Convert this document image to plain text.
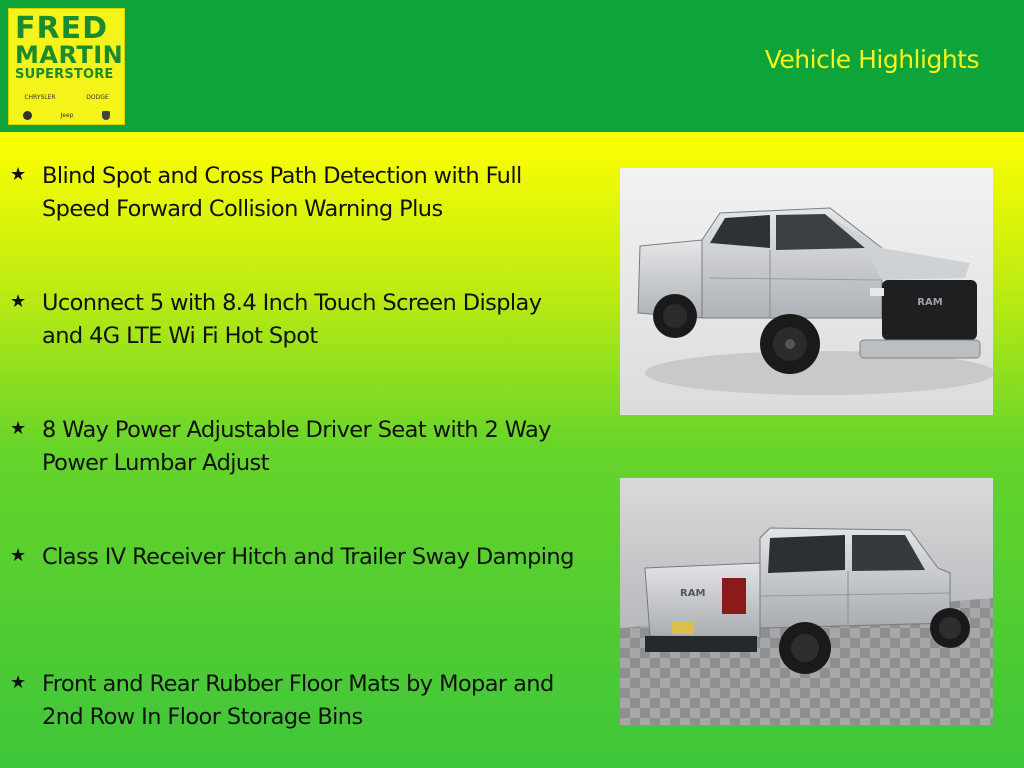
FRED
MARTIN
SUPERSTORE
CHRYSLER	DODGE
Jeep
Vehicle Highlights
★ Blind Spot and Cross Path Detection with Full Speed Forward Collision Warning Plus
★ Uconnect 5 with 8.4 Inch Touch Screen Display and 4G LTE Wi Fi Hot Spot
★ 8 Way Power Adjustable Driver Seat with 2 Way Power Lumbar Adjust
★ Class IV Receiver Hitch and Trailer Sway Damping
★ Front and Rear Rubber Floor Mats by Mopar and 2nd Row In Floor Storage Bins
RAM
RAM
